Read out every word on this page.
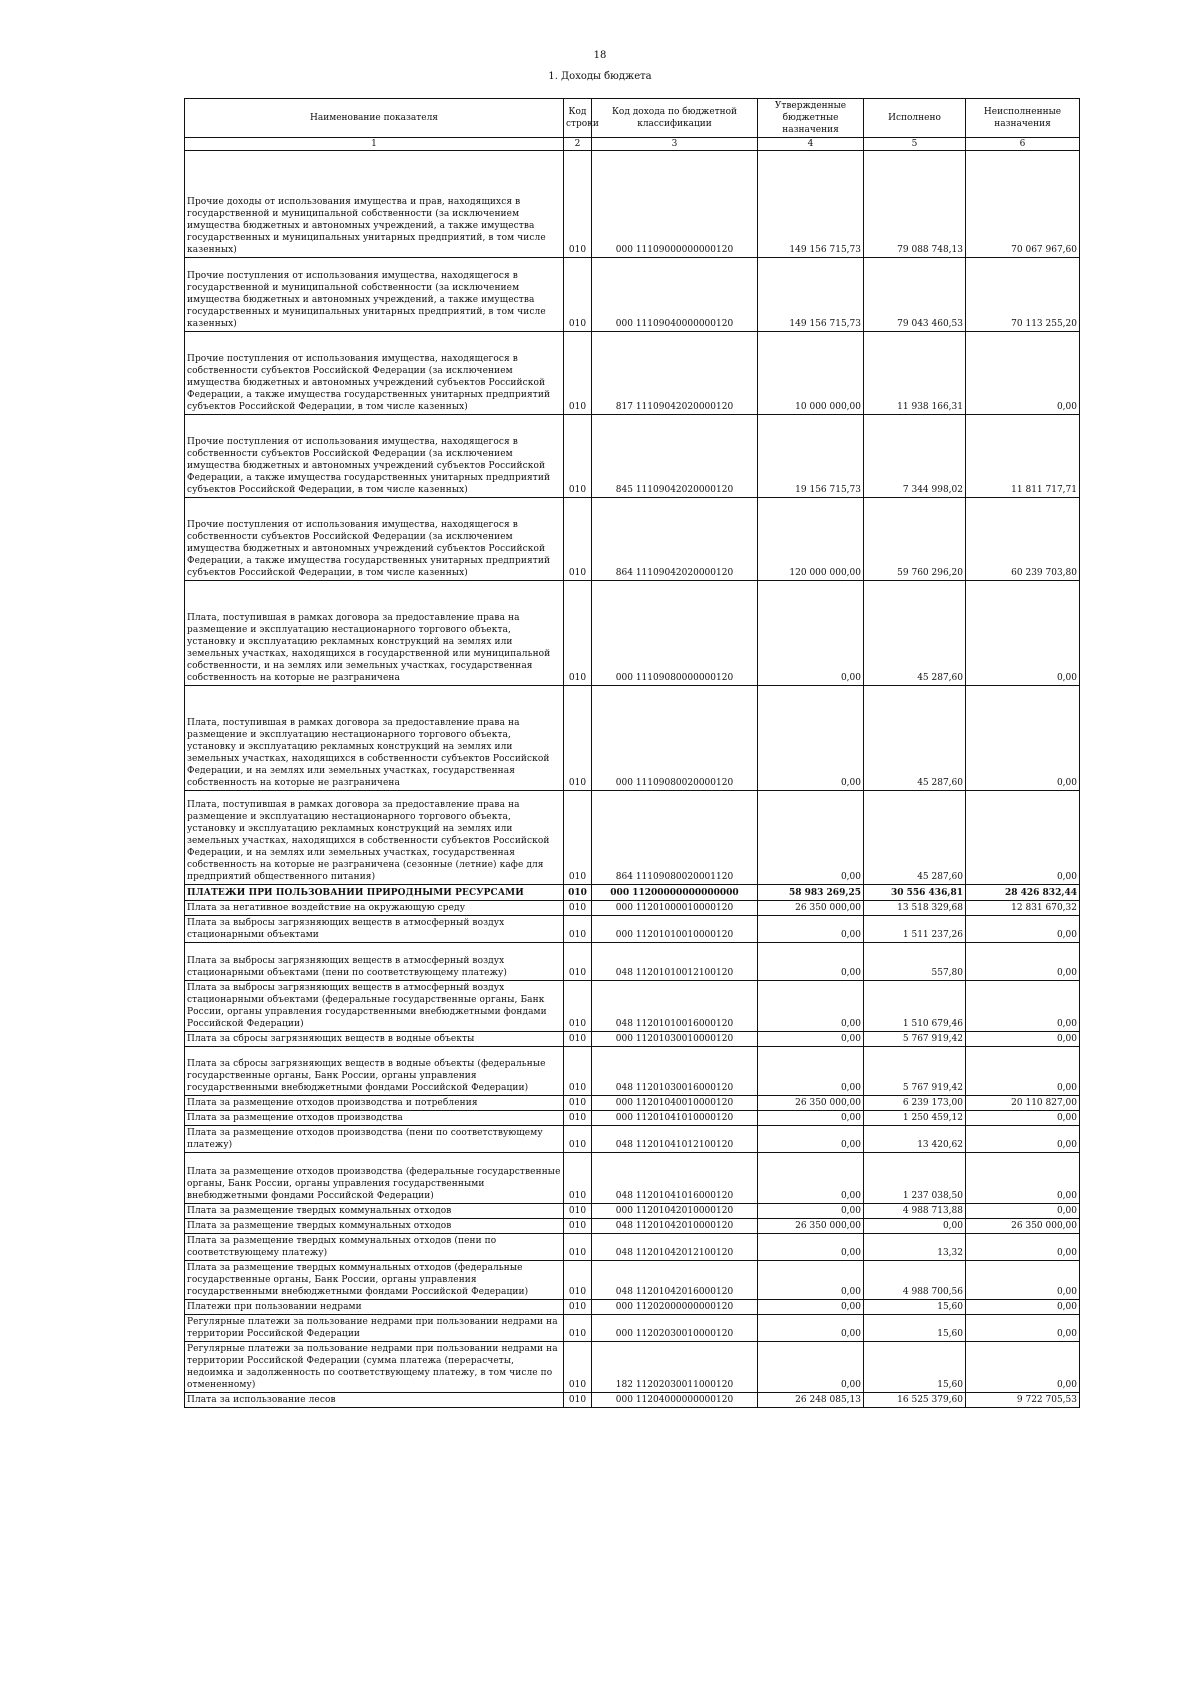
18
1. Доходы бюджета
Наименование показателя	Код строки	Код дохода по бюджетной классификации	Утвержденные бюджетные назначения	Исполнено	Неисполненные назначения
1	2	3	4	5	6
Прочие доходы от использования имущества и прав, находящихся в государственной и муниципальной собственности (за исключением имущества бюджетных и автономных учреждений, а также имущества государственных и муниципальных унитарных предприятий, в том числе казенных)	010	000 11109000000000120	149 156 715,73	79 088 748,13	70 067 967,60
Прочие поступления от использования имущества, находящегося в государственной и муниципальной собственности (за исключением имущества бюджетных и автономных учреждений, а также имущества государственных и муниципальных унитарных предприятий, в том числе казенных)	010	000 11109040000000120	149 156 715,73	79 043 460,53	70 113 255,20
Прочие поступления от использования имущества, находящегося в собственности субъектов Российской Федерации (за исключением имущества бюджетных и автономных учреждений субъектов Российской Федерации, а также имущества государственных унитарных предприятий субъектов Российской Федерации, в том числе казенных)	010	817 11109042020000120	10 000 000,00	11 938 166,31	0,00
Прочие поступления от использования имущества, находящегося в собственности субъектов Российской Федерации (за исключением имущества бюджетных и автономных учреждений субъектов Российской Федерации, а также имущества государственных унитарных предприятий субъектов Российской Федерации, в том числе казенных)	010	845 11109042020000120	19 156 715,73	7 344 998,02	11 811 717,71
Прочие поступления от использования имущества, находящегося в собственности субъектов Российской Федерации (за исключением имущества бюджетных и автономных учреждений субъектов Российской Федерации, а также имущества государственных унитарных предприятий субъектов Российской Федерации, в том числе казенных)	010	864 11109042020000120	120 000 000,00	59 760 296,20	60 239 703,80
Плата, поступившая в рамках договора за предоставление права на размещение и эксплуатацию нестационарного торгового объекта, установку и эксплуатацию рекламных конструкций на землях или земельных участках, находящихся в государственной или муниципальной собственности, и на землях или земельных участках, государственная собственность на которые не разграничена	010	000 11109080000000120	0,00	45 287,60	0,00
Плата, поступившая в рамках договора за предоставление права на размещение и эксплуатацию нестационарного торгового объекта, установку и эксплуатацию рекламных конструкций на землях или земельных участках, находящихся в собственности субъектов Российской Федерации, и на землях или земельных участках, государственная собственность на которые не разграничена	010	000 11109080020000120	0,00	45 287,60	0,00
Плата, поступившая в рамках договора за предоставление права на размещение и эксплуатацию нестационарного торгового объекта, установку и эксплуатацию рекламных конструкций на землях или земельных участках, находящихся в собственности субъектов Российской Федерации, и на землях или земельных участках, государственная собственность на которые не разграничена (сезонные (летние) кафе для предприятий общественного питания)	010	864 11109080020001120	0,00	45 287,60	0,00
ПЛАТЕЖИ ПРИ ПОЛЬЗОВАНИИ ПРИРОДНЫМИ РЕСУРСАМИ	010	000 11200000000000000	58 983 269,25	30 556 436,81	28 426 832,44
Плата за негативное воздействие на окружающую среду	010	000 11201000010000120	26 350 000,00	13 518 329,68	12 831 670,32
Плата за выбросы загрязняющих веществ в атмосферный воздух стационарными объектами	010	000 11201010010000120	0,00	1 511 237,26	0,00
Плата за выбросы загрязняющих веществ в атмосферный воздух стационарными объектами (пени по соответствующему платежу)	010	048 11201010012100120	0,00	557,80	0,00
Плата за выбросы загрязняющих веществ в атмосферный воздух стационарными объектами (федеральные государственные органы, Банк России, органы управления государственными внебюджетными фондами Российской Федерации)	010	048 11201010016000120	0,00	1 510 679,46	0,00
Плата за сбросы загрязняющих веществ в водные объекты	010	000 11201030010000120	0,00	5 767 919,42	0,00
Плата за сбросы загрязняющих веществ в водные объекты (федеральные государственные органы, Банк России, органы управления государственными внебюджетными фондами Российской Федерации)	010	048 11201030016000120	0,00	5 767 919,42	0,00
Плата за размещение отходов производства и потребления	010	000 11201040010000120	26 350 000,00	6 239 173,00	20 110 827,00
Плата за размещение отходов производства	010	000 11201041010000120	0,00	1 250 459,12	0,00
Плата за размещение отходов производства (пени по соответствующему платежу)	010	048 11201041012100120	0,00	13 420,62	0,00
Плата за размещение отходов производства (федеральные государственные органы, Банк России, органы управления государственными внебюджетными фондами Российской Федерации)	010	048 11201041016000120	0,00	1 237 038,50	0,00
Плата за размещение твердых коммунальных отходов	010	000 11201042010000120	0,00	4 988 713,88	0,00
Плата за размещение твердых коммунальных отходов	010	048 11201042010000120	26 350 000,00	0,00	26 350 000,00
Плата за размещение твердых коммунальных отходов (пени по соответствующему платежу)	010	048 11201042012100120	0,00	13,32	0,00
Плата за размещение твердых коммунальных отходов (федеральные государственные органы, Банк России, органы управления государственными внебюджетными фондами Российской Федерации)	010	048 11201042016000120	0,00	4 988 700,56	0,00
Платежи при пользовании недрами	010	000 11202000000000120	0,00	15,60	0,00
Регулярные платежи за пользование недрами при пользовании недрами на территории Российской Федерации	010	000 11202030010000120	0,00	15,60	0,00
Регулярные платежи за пользование недрами при пользовании недрами на территории Российской Федерации (сумма платежа (перерасчеты, недоимка и задолженность по соответствующему платежу, в том числе по отмененному)	010	182 11202030011000120	0,00	15,60	0,00
Плата за использование лесов	010	000 11204000000000120	26 248 085,13	16 525 379,60	9 722 705,53
